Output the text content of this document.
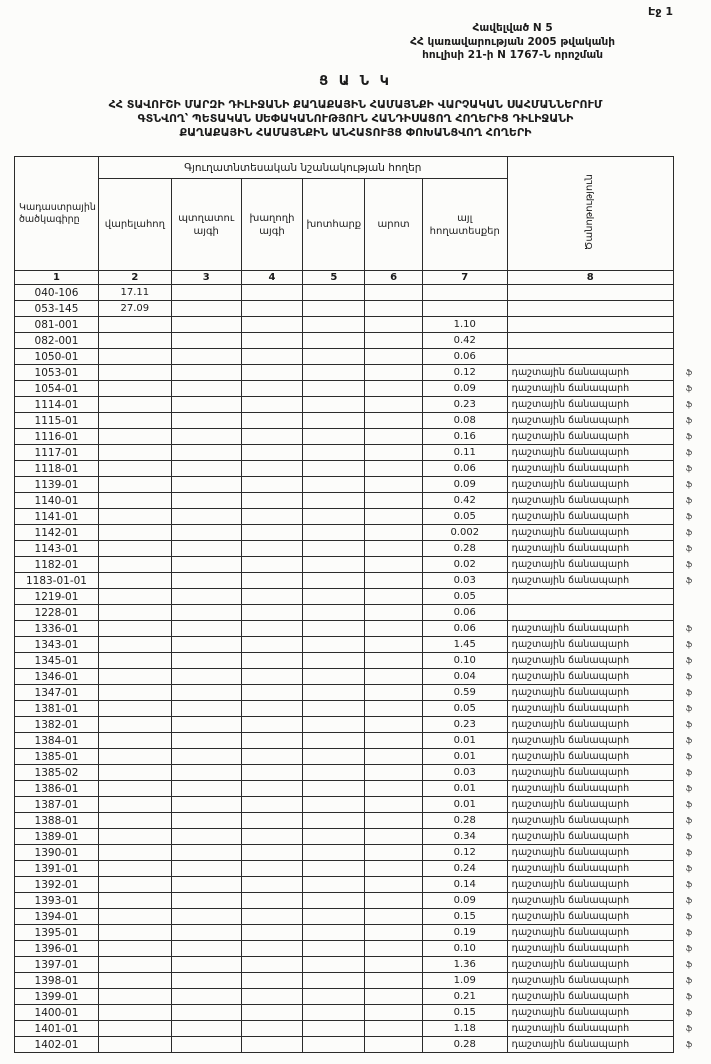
Էջ 1
Հավելված N 5
ՀՀ կառավարության 2005 թվականի
հուլիսի 21-ի N 1767-Ն որոշման
Ց Ա Ն Կ
ՀՀ ՏԱՎՈՒՇԻ ՄԱՐԶԻ ԴԻԼԻՋԱՆԻ ՔԱՂԱՔԱՅԻՆ ՀԱՄԱՅՆՔԻ ՎԱՐՉԱԿԱՆ ՍԱՀՄԱՆՆԵՐՈՒՄ
ԳՏՆՎՈՂ՝ ՊԵՏԱԿԱՆ ՍԵՓԱԿԱՆՈՒԹՅՈՒՆ ՀԱՆԴԻՍԱՑՈՂ ՀՈՂԵՐԻՑ ԴԻԼԻՋԱՆԻ
ՔԱՂԱՔԱՅԻՆ ՀԱՄԱՅՆՔԻՆ ԱՆՀԱՏՈՒՅՑ ՓՈԽԱՆՑՎՈՂ ՀՈՂԵՐԻ
Կադաստրային ծածկագիրը	Գյուղատնտեսական նշանակության հողեր						Ծանոթություն	
	վարելահող	պտղատու այգի	խաղողի այգի	խոտհարք	արոտ	այլ հողատեսքեր		
1	2	3	4	5	6	7	8	
040-106	17.11							
053-145	27.09							
081-001						1.10		
082-001						0.42		
1050-01						0.06		
1053-01						0.12	դաշտային ճանապարհ	ֆ
1054-01						0.09	դաշտային ճանապարհ	ֆ
1114-01						0.23	դաշտային ճանապարհ	ֆ
1115-01						0.08	դաշտային ճանապարհ	ֆ
1116-01						0.16	դաշտային ճանապարհ	ֆ
1117-01						0.11	դաշտային ճանապարհ	ֆ
1118-01						0.06	դաշտային ճանապարհ	ֆ
1139-01						0.09	դաշտային ճանապարհ	ֆ
1140-01						0.42	դաշտային ճանապարհ	ֆ
1141-01						0.05	դաշտային ճանապարհ	ֆ
1142-01						0.002	դաշտային ճանապարհ	ֆ
1143-01						0.28	դաշտային ճանապարհ	ֆ
1182-01						0.02	դաշտային ճանապարհ	ֆ
1183-01-01						0.03	դաշտային ճանապարհ	ֆ
1219-01						0.05		
1228-01						0.06		
1336-01						0.06	դաշտային ճանապարհ	ֆ
1343-01						1.45	դաշտային ճանապարհ	ֆ
1345-01						0.10	դաշտային ճանապարհ	ֆ
1346-01						0.04	դաշտային ճանապարհ	ֆ
1347-01						0.59	դաշտային ճանապարհ	ֆ
1381-01						0.05	դաշտային ճանապարհ	ֆ
1382-01						0.23	դաշտային ճանապարհ	ֆ
1384-01						0.01	դաշտային ճանապարհ	ֆ
1385-01						0.01	դաշտային ճանապարհ	ֆ
1385-02						0.03	դաշտային ճանապարհ	ֆ
1386-01						0.01	դաշտային ճանապարհ	ֆ
1387-01						0.01	դաշտային ճանապարհ	ֆ
1388-01						0.28	դաշտային ճանապարհ	ֆ
1389-01						0.34	դաշտային ճանապարհ	ֆ
1390-01						0.12	դաշտային ճանապարհ	ֆ
1391-01						0.24	դաշտային ճանապարհ	ֆ
1392-01						0.14	դաշտային ճանապարհ	ֆ
1393-01						0.09	դաշտային ճանապարհ	ֆ
1394-01						0.15	դաշտային ճանապարհ	ֆ
1395-01						0.19	դաշտային ճանապարհ	ֆ
1396-01						0.10	դաշտային ճանապարհ	ֆ
1397-01						1.36	դաշտային ճանապարհ	ֆ
1398-01						1.09	դաշտային ճանապարհ	ֆ
1399-01						0.21	դաշտային ճանապարհ	ֆ
1400-01						0.15	դաշտային ճանապարհ	ֆ
1401-01						1.18	դաշտային ճանապարհ	ֆ
1402-01						0.28	դաշտային ճանապարհ	ֆ
